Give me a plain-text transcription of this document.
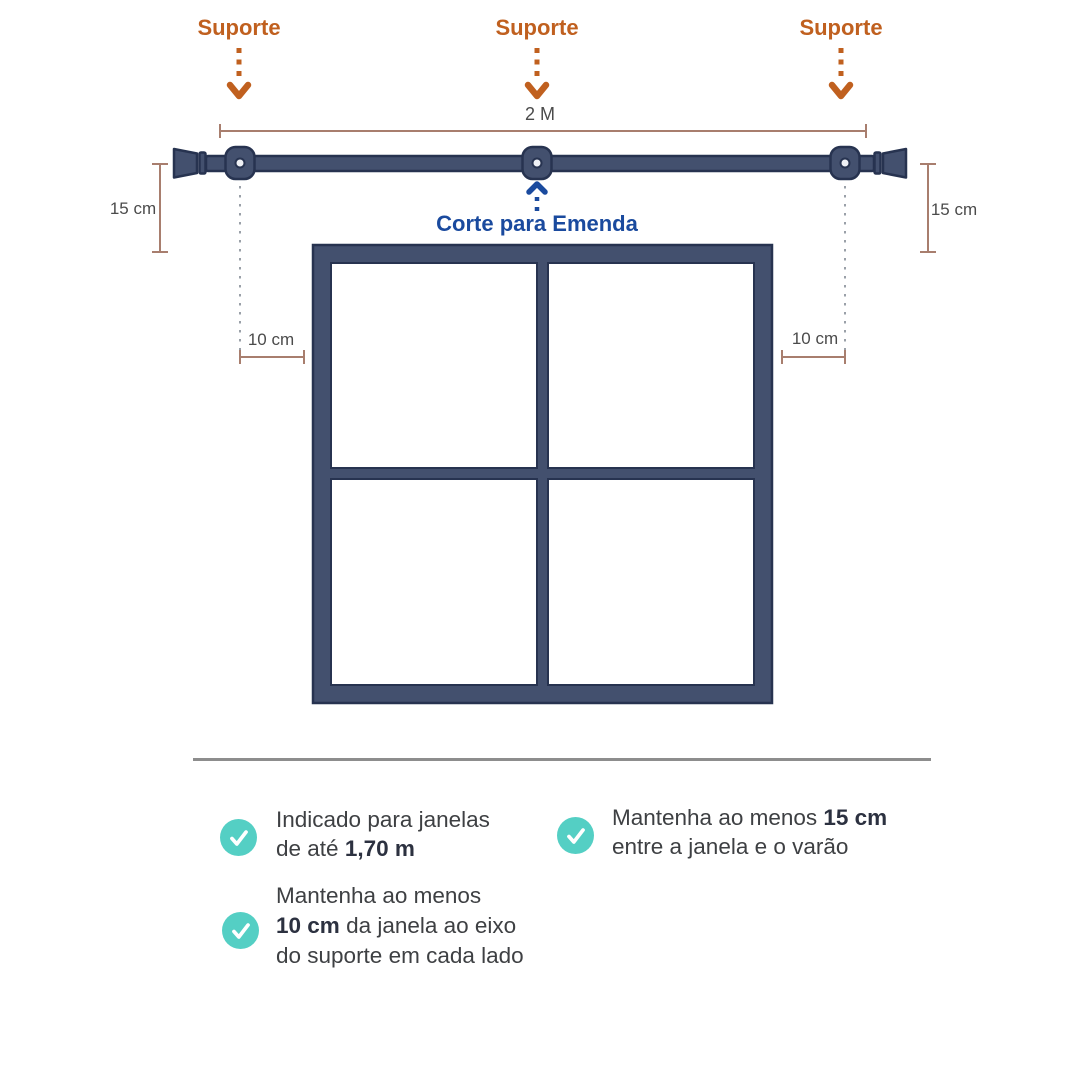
Suporte	Suporte	Suporte
2 M
15 cm	15 cm
10 cm	10 cm
Corte para Emenda
Indicado para janelas
de até 1,70 m
Mantenha ao menos 15 cm
entre a janela e o varão
Mantenha ao menos
10 cm da janela ao eixo
do suporte em cada lado
